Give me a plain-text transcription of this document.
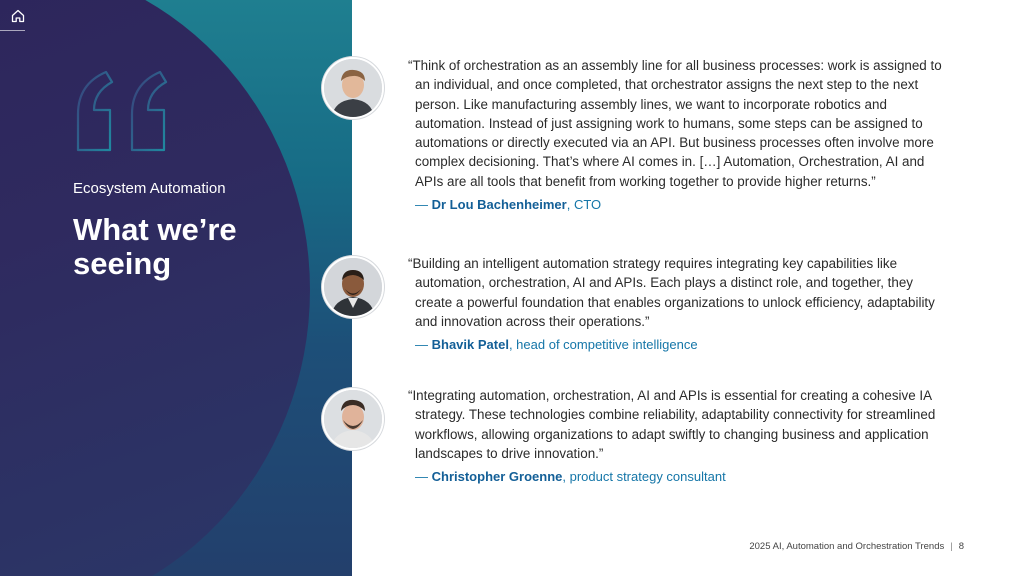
Ecosystem Automation
What we’re seeing

“Think of orchestration as an assembly line for all business processes: work is assigned to an individual, and once completed, that orchestrator assigns the next step to the next person. Like manufacturing assembly lines, we want to incorporate robotics and automation. Instead of just assigning work to humans, some steps can be assigned to automations or directly executed via an API. But business processes often involve more complex decisioning. That’s where AI comes in. […] Automation, Orchestration, AI and APIs are all tools that benefit from working together to provide higher returns.”

— Dr Lou Bachenheimer, CTO

“Building an intelligent automation strategy requires integrating key capabilities like automation, orchestration, AI and APIs. Each plays a distinct role, and together, they create a powerful foundation that enables organizations to unlock efficiency, adaptability and innovation across their operations.”

— Bhavik Patel, head of competitive intelligence

“Integrating automation, orchestration, AI and APIs is essential for creating a cohesive IA strategy. These technologies combine reliability, adaptability connectivity for streamlined workflows, allowing organizations to adapt swiftly to changing business and application landscapes to drive innovation.”

— Christopher Groenne, product strategy consultant
2025 AI, Automation and Orchestration Trends | 8
